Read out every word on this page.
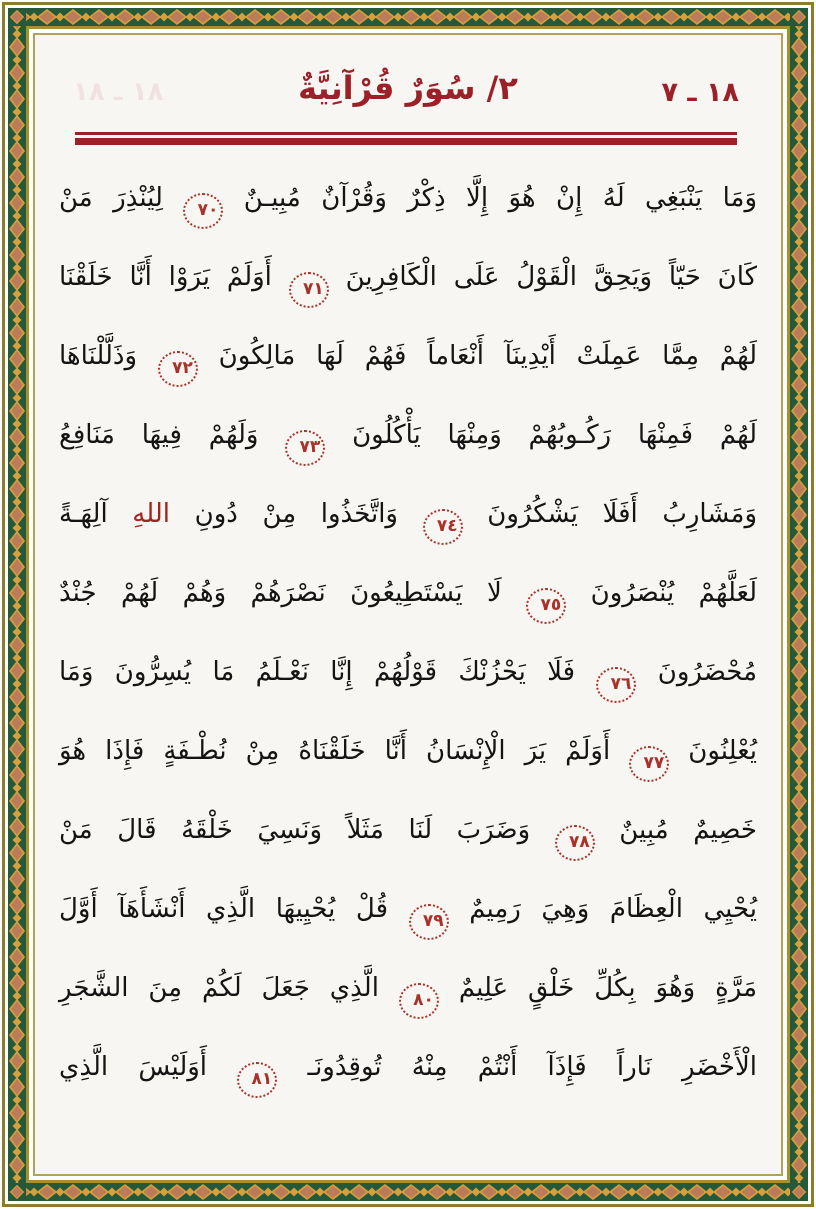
١٨ ـ ١٨	٢/ سُوَرٌ قُرْآنِيَّةٌ	١٨ ـ ٧
وَمَا يَنْبَغِي لَهُ إِنْ هُوَ إِلَّا ذِكْرٌ وَقُرْآنٌ مُبِيـنٌ ٧٠ لِيُنْذِرَ مَنْ
كَانَ حَيّاً وَيَحِقَّ الْقَوْلُ عَلَى الْكَافِرِينَ ٧١ أَوَلَمْ يَرَوْا أَنَّا خَلَقْنَا
لَهُمْ مِمَّا عَمِلَتْ أَيْدِينَآ أَنْعَاماً فَهُمْ لَهَا مَالِكُونَ ٧٢ وَذَلَّلْنَاهَا
لَهُمْ فَمِنْهَا رَكُـوبُهُمْ وَمِنْهَا يَأْكُلُونَ ٧٣ وَلَهُمْ فِيهَا مَنَافِعُ
وَمَشَارِبُ أَفَلَا يَشْكُرُونَ ٧٤ وَاتَّخَذُوا مِنْ دُونِ اللهِ آلِهَـةً
لَعَلَّهُمْ يُنْصَرُونَ ٧٥ لَا يَسْتَطِيعُونَ نَصْرَهُمْ وَهُمْ لَهُمْ جُنْدٌ
مُحْضَرُونَ ٧٦ فَلَا يَحْزُنْكَ قَوْلُهُمْ إِنَّا نَعْـلَمُ مَا يُسِرُّونَ وَمَا
يُعْلِنُونَ ٧٧ أَوَلَمْ يَرَ الْإِنْسَانُ أَنَّا خَلَقْنَاهُ مِنْ نُطْـفَةٍ فَإِذَا هُوَ
خَصِيمٌ مُبِينٌ ٧٨ وَضَرَبَ لَنَا مَثَلاً وَنَسِيَ خَلْقَهُ قَالَ مَنْ
يُحْيِي الْعِظَامَ وَهِيَ رَمِيمٌ ٧٩ قُلْ يُحْيِيهَا الَّذِي أَنْشَأَهَآ أَوَّلَ
مَرَّةٍ وَهُوَ بِكُلِّ خَلْقٍ عَلِيمٌ ٨٠ الَّذِي جَعَلَ لَكُمْ مِنَ الشَّجَرِ
الْأَخْضَرِ نَاراً فَإِذَآ أَنْتُمْ مِنْهُ تُوقِدُونَـ ٨١ أَوَلَيْسَ الَّذِي
